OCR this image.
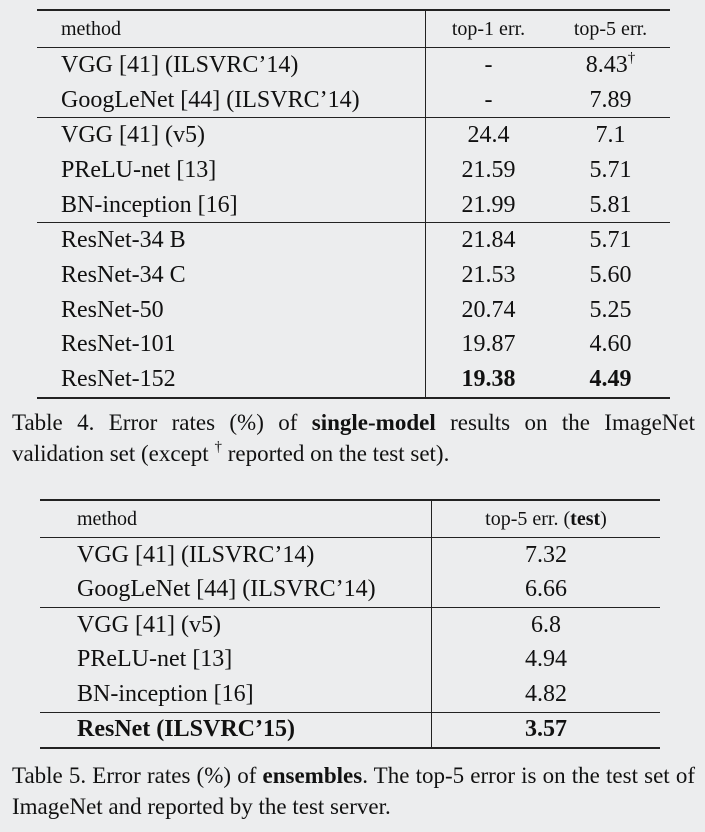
method	top-1 err.	top-5 err.
VGG [41] (ILSVRC’14)	-	8.43†
GoogLeNet [44] (ILSVRC’14)	-	7.89
VGG [41] (v5)	24.4	7.1
PReLU-net [13]	21.59	5.71
BN-inception [16]	21.99	5.81
ResNet-34 B	21.84	5.71
ResNet-34 C	21.53	5.60
ResNet-50	20.74	5.25
ResNet-101	19.87	4.60
ResNet-152	19.38	4.49
Table 4. Error rates (%) of single-model results on the ImageNet validation set (except † reported on the test set).
method	top-5 err. (test)
VGG [41] (ILSVRC’14)	7.32
GoogLeNet [44] (ILSVRC’14)	6.66
VGG [41] (v5)	6.8
PReLU-net [13]	4.94
BN-inception [16]	4.82
ResNet (ILSVRC’15)	3.57
Table 5. Error rates (%) of ensembles. The top-5 error is on the test set of ImageNet and reported by the test server.
